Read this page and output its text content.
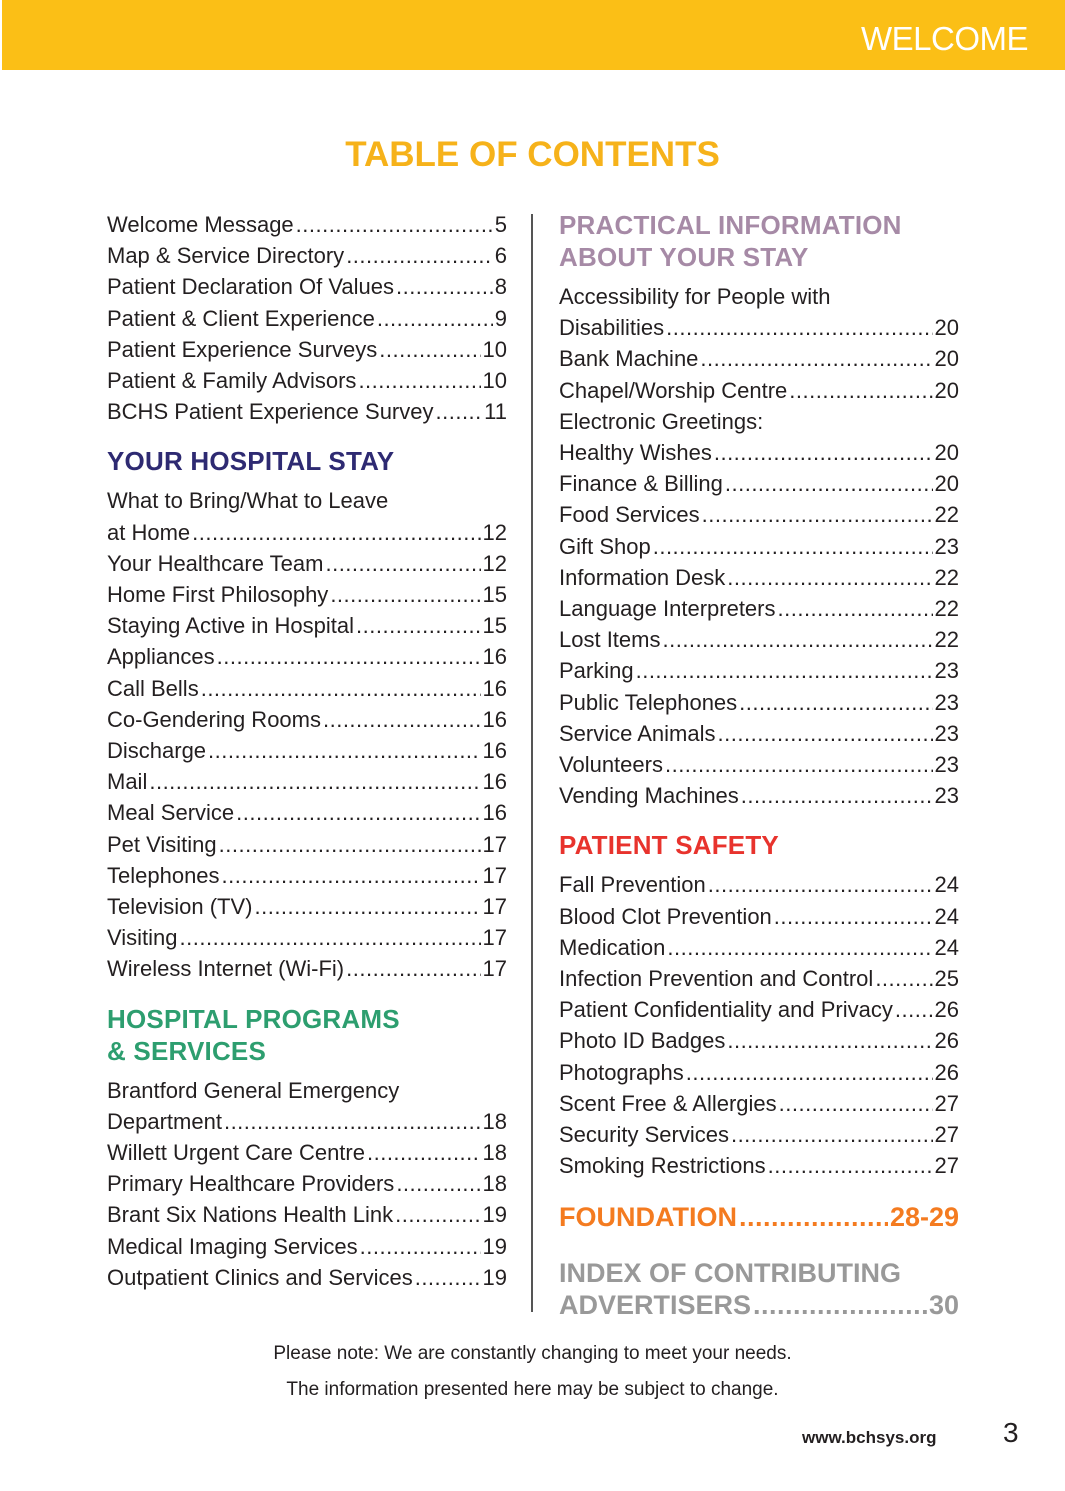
WELCOME
TABLE OF CONTENTS
Welcome Message .....	5
Map & Service Directory .....	6
Patient Declaration Of Values .....	8
Patient & Client Experience .....	9
Patient Experience Surveys .....	10
Patient & Family Advisors .....	10
BCHS Patient Experience Survey ..... 11
YOUR HOSPITAL STAY
What to Bring/What to Leave
at Home .....	12
Your Healthcare Team .....	12
Home First Philosophy .....	15
Staying Active in Hospital .....	15
Appliances .....	16
Call Bells .....	16
Co-Gendering Rooms .....	16
Discharge .....	16
Mail .....	16
Meal Service .....	16
Pet Visiting .....	17
Telephones .....	17
Television (TV) .....	17
Visiting .....	17
Wireless Internet (Wi-Fi) .....	17
HOSPITAL PROGRAMS
& SERVICES
Brantford General Emergency
Department .....	18
Willett Urgent Care Centre .....	18
Primary Healthcare Providers .....	18
Brant Six Nations Health Link .....	19
Medical Imaging Services .....	19
Outpatient Clinics and Services .....	19
PRACTICAL INFORMATION
ABOUT YOUR STAY
Accessibility for People with
Disabilities .....	20
Bank Machine .....	20
Chapel/Worship Centre .....	20
Electronic Greetings:
Healthy Wishes .....	20
Finance & Billing .....	20
Food Services .....	22
Gift Shop .....	23
Information Desk .....	22
Language Interpreters .....	22
Lost Items .....	22
Parking .....	23
Public Telephones .....	23
Service Animals .....	23
Volunteers .....	23
Vending Machines .....	23
PATIENT SAFETY
Fall Prevention .....	24
Blood Clot Prevention .....	24
Medication .....	24
Infection Prevention and Control .....	25
Patient Confidentiality and Privacy ..... 26
Photo ID Badges .....	26
Photographs .....	26
Scent Free & Allergies .....	27
Security Services .....	27
Smoking Restrictions .....	27
FOUNDATION .....	28-29
INDEX OF CONTRIBUTING
ADVERTISERS .....	30
Please note: We are constantly changing to meet your needs.
The information presented here may be subject to change.
www.bchsys.org 3
